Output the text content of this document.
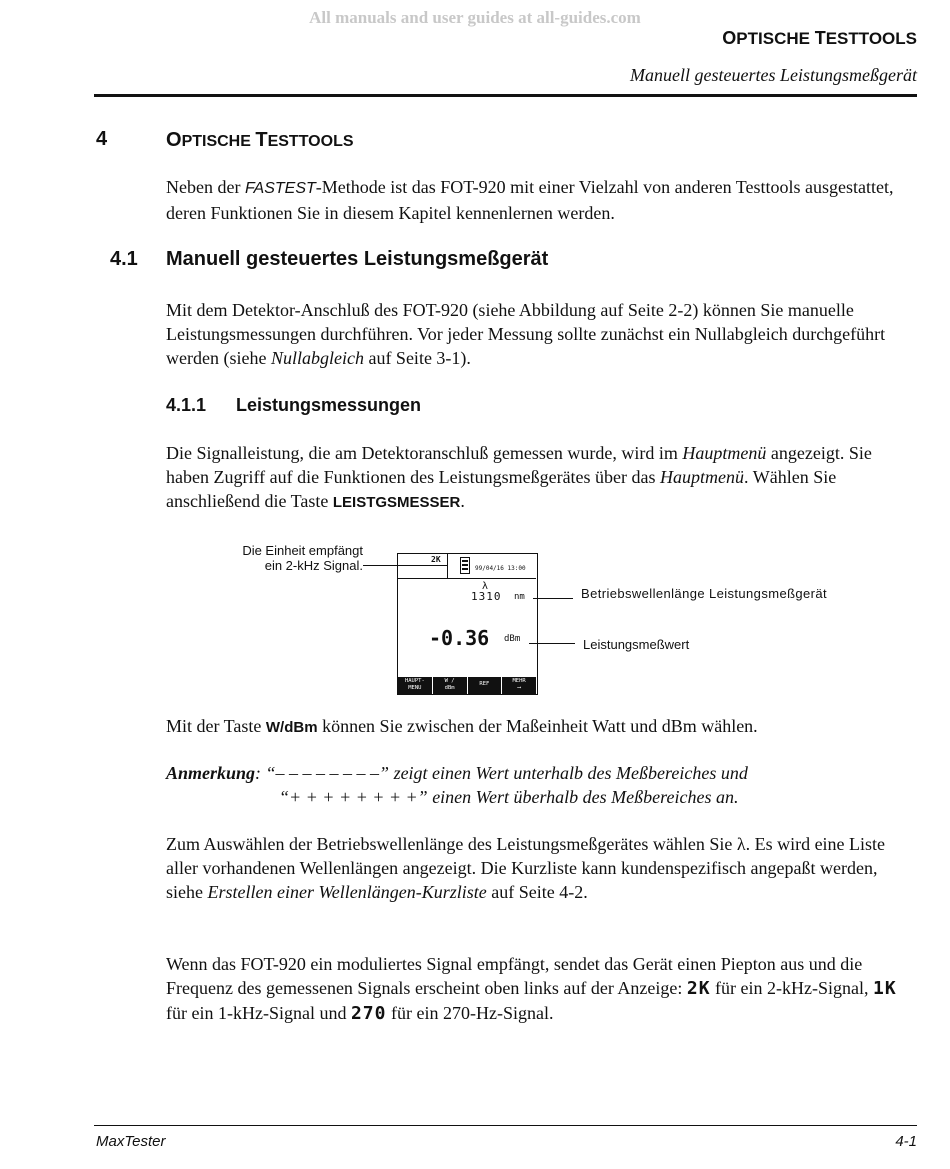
All manuals and user guides at all-guides.com
OPTISCHE TESTTOOLS
Manuell gesteuertes Leistungsmeßgerät
4	OPTISCHE TESTTOOLS
Neben der FASTEST-Methode ist das FOT-920 mit einer Vielzahl von anderen Testtools ausgestattet, deren Funktionen Sie in diesem Kapitel kennenlernen werden.
4.1 Manuell gesteuertes Leistungsmeßgerät
Mit dem Detektor-Anschluß des FOT-920 (siehe Abbildung auf Seite 2-2) können Sie manuelle Leistungsmessungen durchführen. Vor jeder Messung sollte zunächst ein Nullabgleich durchgeführt werden (siehe Nullabgleich auf Seite 3-1).
4.1.1 Leistungsmessungen
Die Signalleistung, die am Detektoranschluß gemessen wurde, wird im Hauptmenü angezeigt. Sie haben Zugriff auf die Funktionen des Leistungsmeßgerätes über das Hauptmenü. Wählen Sie anschließend die Taste LEISTGSMESSER.
Die Einheit empfängt
ein 2-kHz Signal.	2K
99/04/16 13:00
λ
1310 nm
-0.36 dBm
HAUPT-
MENU
W /
dBm
REF	MEHR
⟶
Betriebswellenlänge Leistungsmeßgerät
Leistungsmeßwert
Mit der Taste W/dBm können Sie zwischen der Maßeinheit Watt und dBm wählen.
Anmerkung: “– – – – – – – –” zeigt einen Wert unterhalb des Meßbereiches und
“+ + + + + + + +” einen Wert überhalb des Meßbereiches an.
Zum Auswählen der Betriebswellenlänge des Leistungsmeßgerätes wählen Sie λ. Es wird eine Liste aller vorhandenen Wellenlängen angezeigt. Die Kurzliste kann kundenspezifisch angepaßt werden, siehe Erstellen einer Wellenlängen-Kurzliste auf Seite 4-2.
Wenn das FOT-920 ein moduliertes Signal empfängt, sendet das Gerät einen Piepton aus und die Frequenz des gemessenen Signals erscheint oben links auf der Anzeige: 2K für ein 2-kHz-Signal, 1K für ein 1-kHz-Signal und 270 für ein 270-Hz-Signal.
MaxTester	4-1
